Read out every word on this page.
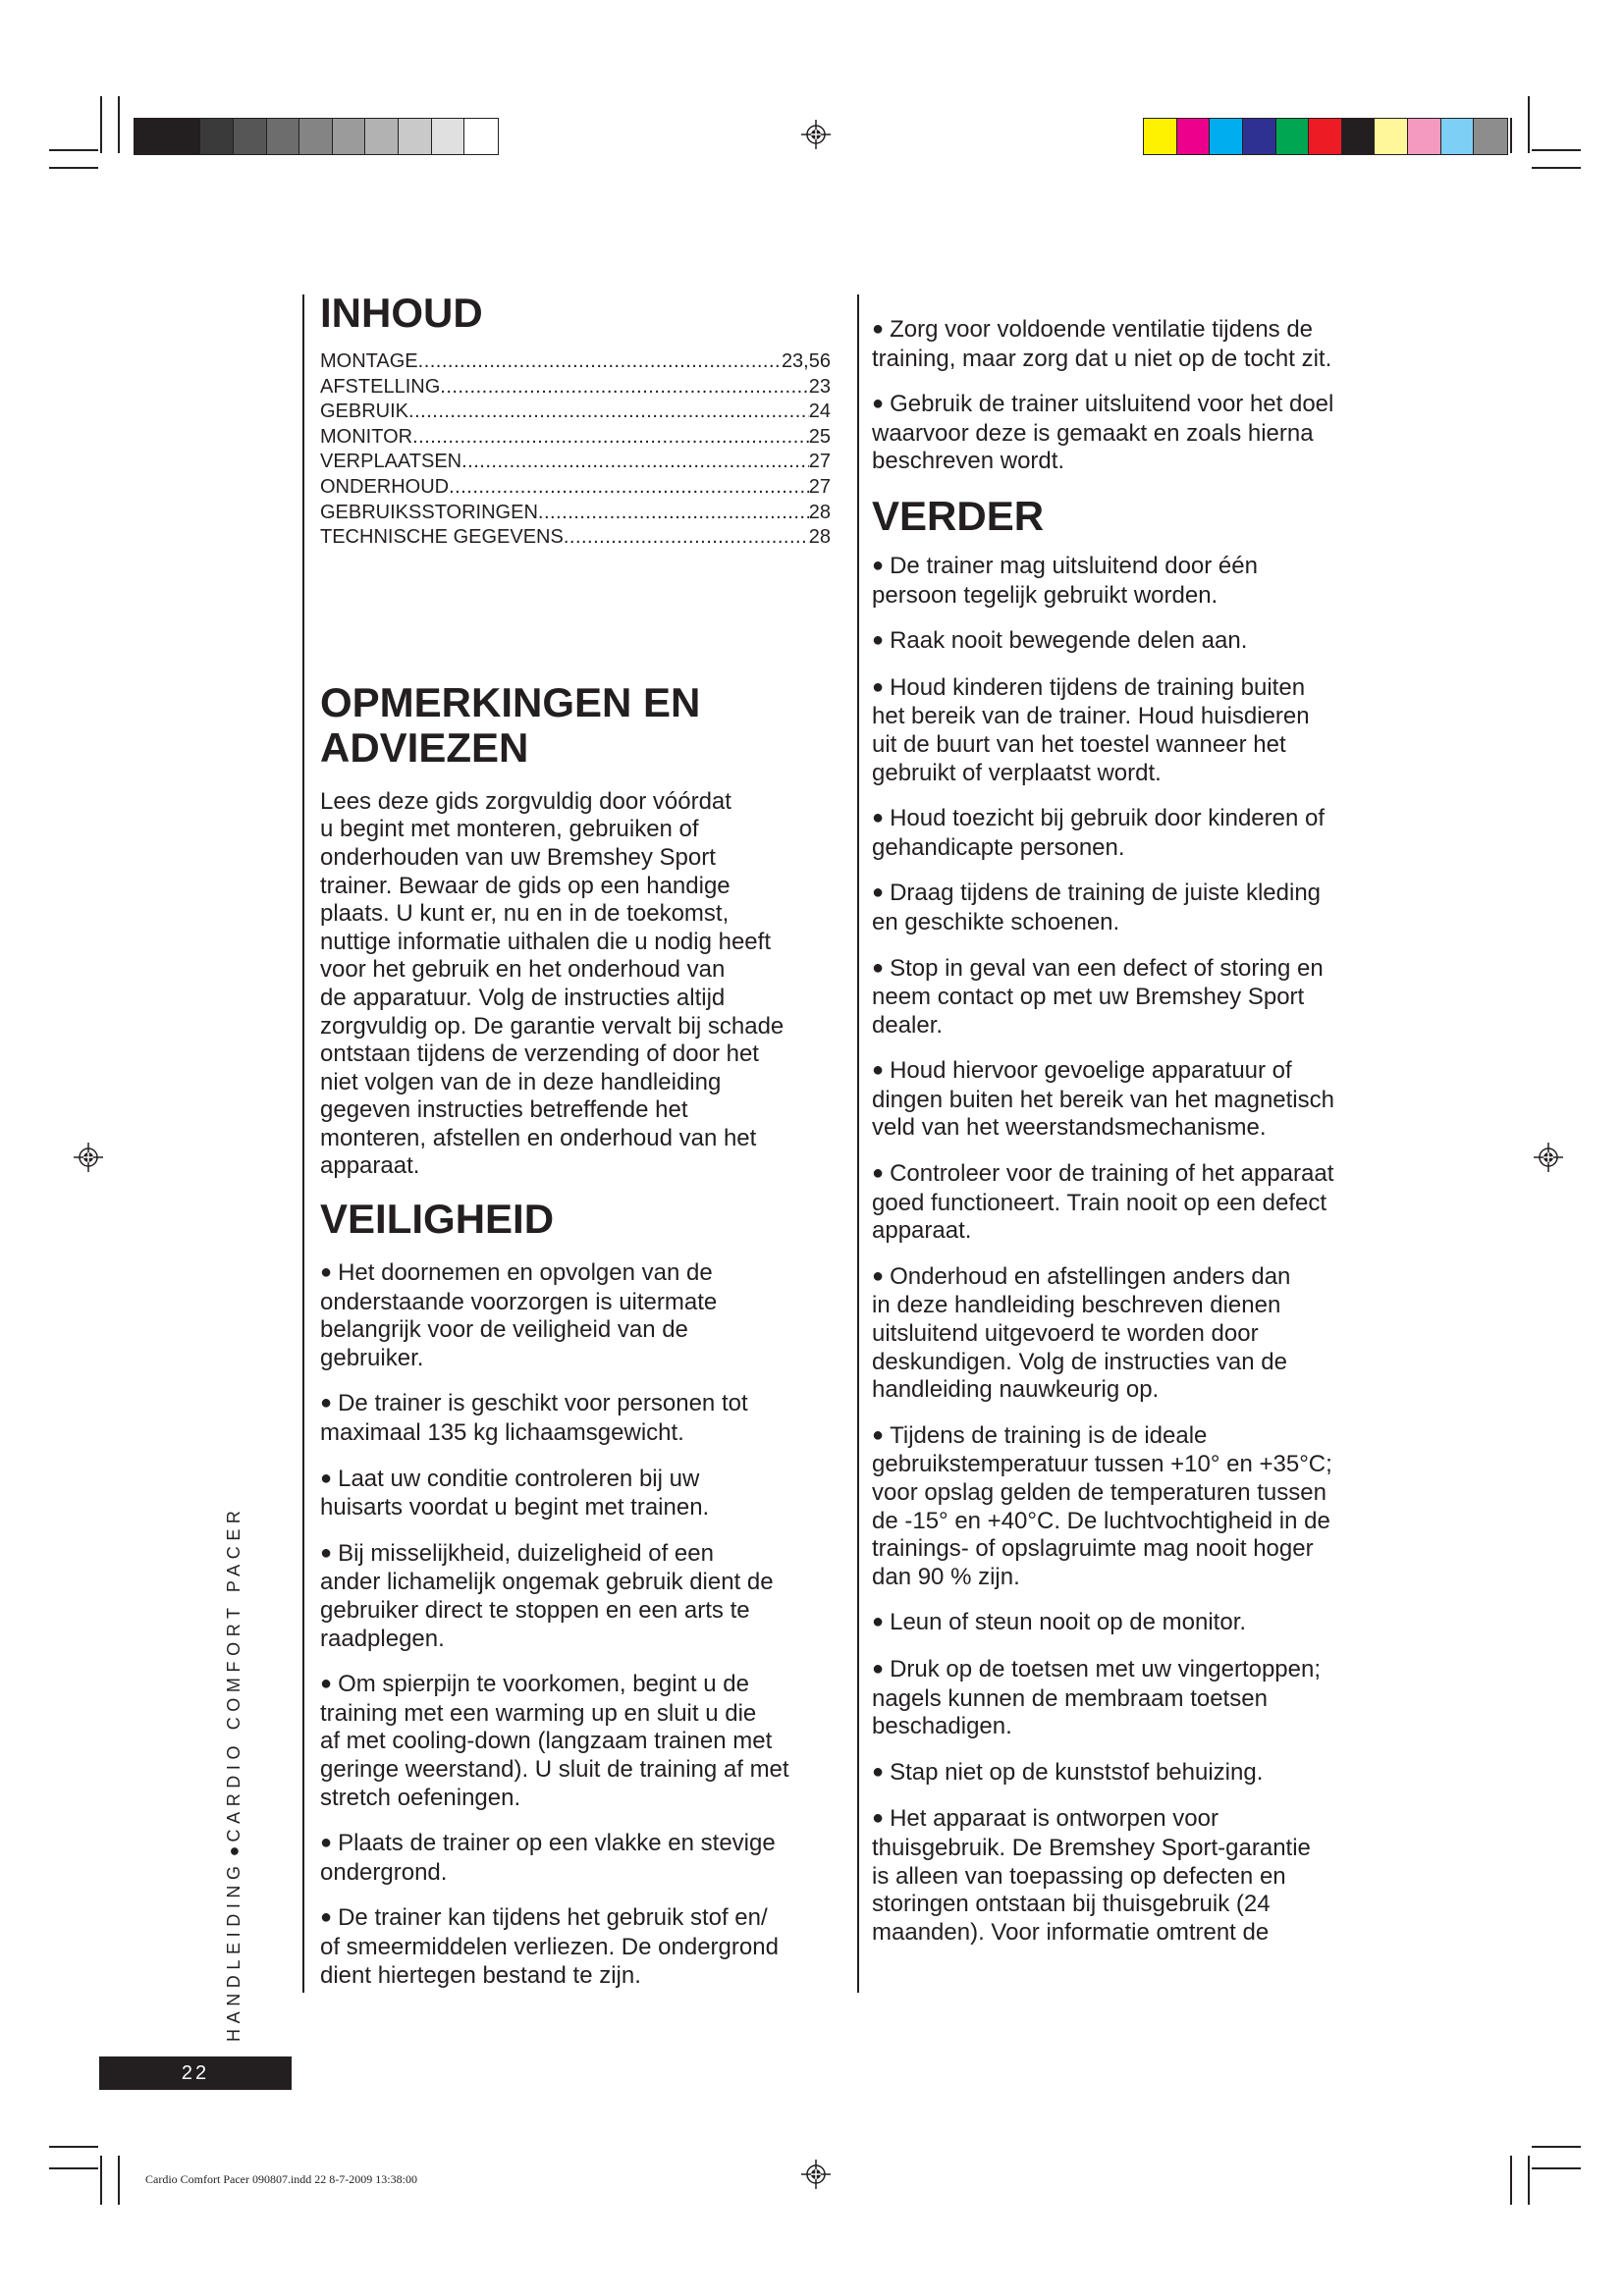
INHOUD
MONTAGE .....	23,56
AFSTELLING .....	23
GEBRUIK .....	24
MONITOR .....	25
VERPLAATSEN .....	27
ONDERHOUD .....	27
GEBRUIKSSTORINGEN .....	28
TECHNISCHE GEGEVENS .....	28
OPMERKINGEN EN
ADVIEZEN

Lees deze gids zorgvuldig door vóórdat
u begint met monteren, gebruiken of
onderhouden van uw Bremshey Sport
trainer. Bewaar de gids op een handige
plaats. U kunt er, nu en in de toekomst,
nuttige informatie uithalen die u nodig heeft
voor het gebruik en het onderhoud van
de apparatuur. Volg de instructies altijd
zorgvuldig op. De garantie vervalt bij schade
ontstaan tijdens de verzending of door het
niet volgen van de in deze handleiding
gegeven instructies betreffende het
monteren, afstellen en onderhoud van het
apparaat.

VEILIGHEID

● Het doornemen en opvolgen van de
onderstaande voorzorgen is uitermate
belangrijk voor de veiligheid van de
gebruiker.

● De trainer is geschikt voor personen tot
maximaal 135 kg lichaamsgewicht.

● Laat uw conditie controleren bij uw
huisarts voordat u begint met trainen.

● Bij misselijkheid, duizeligheid of een
ander lichamelijk ongemak gebruik dient de
gebruiker direct te stoppen en een arts te
raadplegen.

● Om spierpijn te voorkomen, begint u de
training met een warming up en sluit u die
af met cooling-down (langzaam trainen met
geringe weerstand). U sluit de training af met
stretch oefeningen.

● Plaats de trainer op een vlakke en stevige
ondergrond.

● De trainer kan tijdens het gebruik stof en/
of smeermiddelen verliezen. De ondergrond
dient hiertegen bestand te zijn.

● Zorg voor voldoende ventilatie tijdens de
training, maar zorg dat u niet op de tocht zit.

● Gebruik de trainer uitsluitend voor het doel
waarvoor deze is gemaakt en zoals hierna
beschreven wordt.

VERDER

● De trainer mag uitsluitend door één
persoon tegelijk gebruikt worden.

● Raak nooit bewegende delen aan.

● Houd kinderen tijdens de training buiten
het bereik van de trainer. Houd huisdieren
uit de buurt van het toestel wanneer het
gebruikt of verplaatst wordt.

● Houd toezicht bij gebruik door kinderen of
gehandicapte personen.

● Draag tijdens de training de juiste kleding
en geschikte schoenen.

● Stop in geval van een defect of storing en
neem contact op met uw Bremshey Sport
dealer.

● Houd hiervoor gevoelige apparatuur of
dingen buiten het bereik van het magnetisch
veld van het weerstandsmechanisme.

● Controleer voor de training of het apparaat
goed functioneert. Train nooit op een defect
apparaat.

● Onderhoud en afstellingen anders dan
in deze handleiding beschreven dienen
uitsluitend uitgevoerd te worden door
deskundigen. Volg de instructies van de
handleiding nauwkeurig op.

● Tijdens de training is de ideale
gebruikstemperatuur tussen +10° en +35°C;
voor opslag gelden de temperaturen tussen
de -15° en +40°C. De luchtvochtigheid in de
trainings- of opslagruimte mag nooit hoger
dan 90 % zijn.

● Leun of steun nooit op de monitor.

● Druk op de toetsen met uw vingertoppen;
nagels kunnen de membraam toetsen
beschadigen.

● Stap niet op de kunststof behuizing.

● Het apparaat is ontworpen voor
thuisgebruik. De Bremshey Sport-garantie
is alleen van toepassing op defecten en
storingen ontstaan bij thuisgebruik (24
maanden). Voor informatie omtrent de

HANDLEIDING●CARDIO COMFORT PACER
22
Cardio Comfort Pacer 090807.indd 22 8-7-2009 13:38:00
